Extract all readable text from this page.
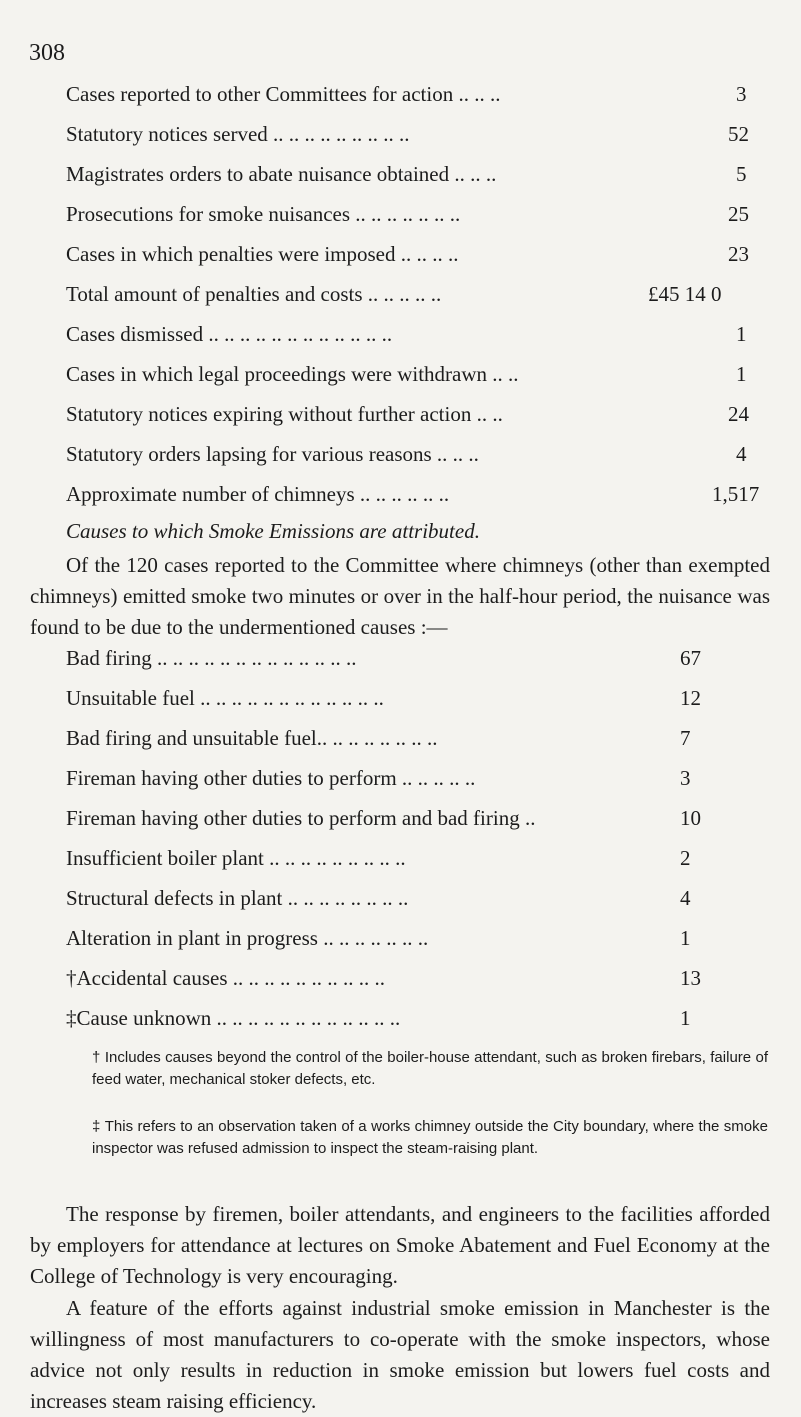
308
Cases reported to other Committees for action .. .. ..	3
Statutory notices served .. .. .. .. .. .. .. .. ..	52
Magistrates orders to abate nuisance obtained .. .. ..	5
Prosecutions for smoke nuisances .. .. .. .. .. .. ..	25
Cases in which penalties were imposed .. .. .. ..	23
Total amount of penalties and costs .. .. .. .. ..	£45 14 0
Cases dismissed .. .. .. .. .. .. .. .. .. .. .. ..	1
Cases in which legal proceedings were withdrawn .. ..	1
Statutory notices expiring without further action .. ..	24
Statutory orders lapsing for various reasons .. .. ..	4
Approximate number of chimneys .. .. .. .. .. ..	1,517
Causes to which Smoke Emissions are attributed.
Of the 120 cases reported to the Committee where chimneys (other than exempted chimneys) emitted smoke two minutes or over in the half-hour period, the nuisance was found to be due to the undermentioned causes :—
Bad firing .. .. .. .. .. .. .. .. .. .. .. .. ..	67
Unsuitable fuel .. .. .. .. .. .. .. .. .. .. .. ..	12
Bad firing and unsuitable fuel.. .. .. .. .. .. .. ..	7
Fireman having other duties to perform .. .. .. .. ..	3
Fireman having other duties to perform and bad firing ..	10
Insufficient boiler plant .. .. .. .. .. .. .. .. ..	2
Structural defects in plant .. .. .. .. .. .. .. ..	4
Alteration in plant in progress .. .. .. .. .. .. ..	1
†Accidental causes .. .. .. .. .. .. .. .. .. ..	13
‡Cause unknown .. .. .. .. .. .. .. .. .. .. .. ..	1
† Includes causes beyond the control of the boiler-house attendant, such as broken firebars, failure of feed water, mechanical stoker defects, etc.
‡ This refers to an observation taken of a works chimney outside the City boundary, where the smoke inspector was refused admission to inspect the steam-raising plant.
The response by firemen, boiler attendants, and engineers to the facilities afforded by employers for attendance at lectures on Smoke Abatement and Fuel Economy at the College of Technology is very encouraging.
A feature of the efforts against industrial smoke emission in Manchester is the willingness of most manufacturers to co-operate with the smoke inspectors, whose advice not only results in reduction in smoke emission but lowers fuel costs and increases steam raising efficiency.
